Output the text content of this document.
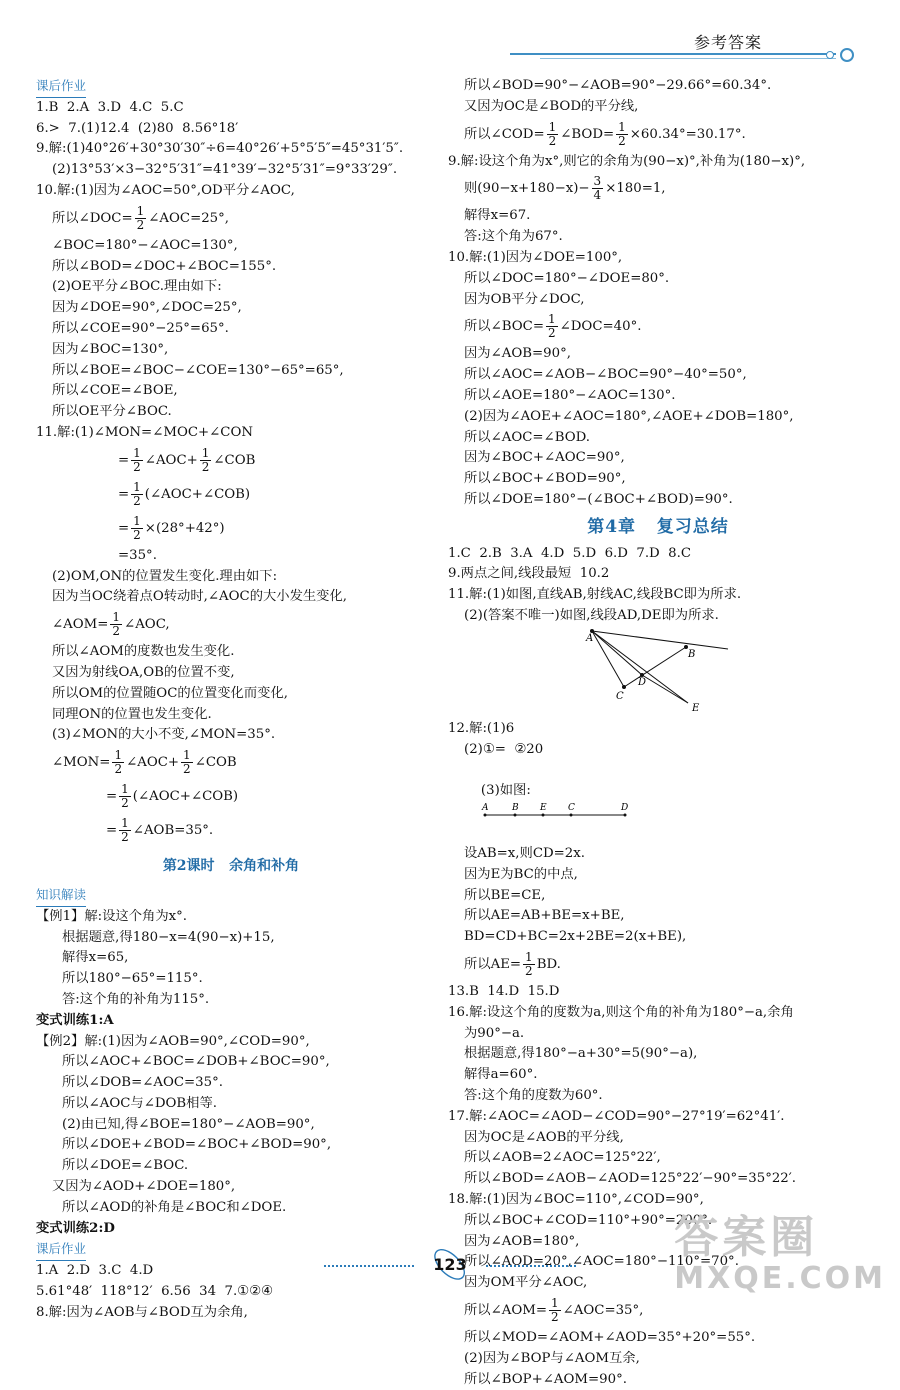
参考答案
课后作业
1.B  2.A  3.D  4.C  5.C
6.>  7.(1)12.4  (2)80  8.56°18′
9.解:(1)40°26′+30°30′30″÷6=40°26′+5°5′5″=45°31′5″.
(2)13°53′×3−32°5′31″=41°39′−32°5′31″=9°33′29″.
10.解:(1)因为∠AOC=50°,OD平分∠AOC,
所以∠DOC= $\frac{1}{2}$ ∠AOC=25°,
∠BOC=180°−∠AOC=130°,
所以∠BOD=∠DOC+∠BOC=155°.
(2)OE平分∠BOC.理由如下:
因为∠DOE=90°,∠DOC=25°,
所以∠COE=90°−25°=65°.
因为∠BOC=130°,
所以∠BOE=∠BOC−∠COE=130°−65°=65°,
所以∠COE=∠BOE,
所以OE平分∠BOC.
11.解:(1)∠MON=∠MOC+∠CON
= $\frac{1}{2}$ ∠AOC+ $\frac{1}{2}$ ∠COB
= $\frac{1}{2}$ (∠AOC+∠COB)
= $\frac{1}{2} \times(28^\circ+42^\circ)$
=35°.
(2)OM,ON的位置发生变化.理由如下:
因为当OC绕着点O转动时,∠AOC的大小发生变化,
∠AOM= $\frac{1}{2}$ ∠AOC,
所以∠AOM的度数也发生变化.
又因为射线OA,OB的位置不变,
所以OM的位置随OC的位置变化而变化,
同理ON的位置也发生变化.
(3)∠MON的大小不变,∠MON=35°.
∠MON= $\frac{1}{2}$ ∠AOC+ $\frac{1}{2}$ ∠COB
= $\frac{1}{2}$ (∠AOC+∠COB)
= $\frac{1}{2}$ ∠AOB=35°.
第2课时   余角和补角
知识解读
【例1】解:设这个角为x°.
根据题意,得180−x=4(90−x)+15,
解得x=65,
所以180°−65°=115°.
答:这个角的补角为115°.
变式训练1:A
【例2】解:(1)因为∠AOB=90°,∠COD=90°,
所以∠AOC+∠BOC=∠DOB+∠BOC=90°,
所以∠DOB=∠AOC=35°.
所以∠AOC与∠DOB相等.
(2)由已知,得∠BOE=180°−∠AOB=90°,
所以∠DOE+∠BOD=∠BOC+∠BOD=90°,
所以∠DOE=∠BOC.
又因为∠AOD+∠DOE=180°,
所以∠AOD的补角是∠BOC和∠DOE.
变式训练2:D
课后作业
1.A  2.D  3.C  4.D
5.61°48′  118°12′  6.56  34  7.①②④
8.解:因为∠AOB与∠BOD互为余角,
所以∠BOD=90°−∠AOB=90°−29.66°=60.34°.
又因为OC是∠BOD的平分线,
所以∠COD= $\frac{1}{2}$ ∠BOD= $\frac{1}{2} \times 60.34^\circ=30.17^\circ$.
9.解:设这个角为x°,则它的余角为(90−x)°,补角为(180−x)°,
则$(90-x+180-x)- \frac{3}{4} \times 180=1$,
解得x=67.
答:这个角为67°.
10.解:(1)因为∠DOE=100°,
所以∠DOC=180°−∠DOE=80°.
因为OB平分∠DOC,
所以∠BOC= $\frac{1}{2}$ ∠DOC=40°.
因为∠AOB=90°,
所以∠AOC=∠AOB−∠BOC=90°−40°=50°,
所以∠AOE=180°−∠AOC=130°.
(2)因为∠AOE+∠AOC=180°,∠AOE+∠DOB=180°,
所以∠AOC=∠BOD.
因为∠BOC+∠AOC=90°,
所以∠BOC+∠BOD=90°,
所以∠DOE=180°−(∠BOC+∠BOD)=90°.
第4章   复习总结
1.C  2.B  3.A  4.D  5.D  6.D  7.D  8.C
9.两点之间,线段最短  10.2
11.解:(1)如图,直线AB,射线AC,线段BC即为所求.
(2)(答案不唯一)如图,线段AD,DE即为所求.
A
B
C
D
E
12.解:(1)6
(2)①=  ②20

(3)如图:

A	B E C	D

设AB=x,则CD=2x.
因为E为BC的中点,
所以BE=CE,
所以AE=AB+BE=x+BE,
BD=CD+BC=2x+2BE=2(x+BE),
所以$AE= \frac{1}{2}$ BD.
13.B  14.D  15.D
16.解:设这个角的度数为a,则这个角的补角为180°−a,余角
为90°−a.
根据题意,得180°−a+30°=5(90°−a),
解得a=60°.
答:这个角的度数为60°.
17.解:∠AOC=∠AOD−∠COD=90°−27°19′=62°41′.
因为OC是∠AOB的平分线,
所以∠AOB=2∠AOC=125°22′,
所以∠BOD=∠AOB−∠AOD=125°22′−90°=35°22′.
18.解:(1)因为∠BOC=110°,∠COD=90°,
所以∠BOC+∠COD=110°+90°=200°.
因为∠AOB=180°,
所以∠AOD=20°,∠AOC=180°−110°=70°.
因为OM平分∠AOC,
所以∠AOM= $\frac{1}{2}$ ∠AOC=35°,
所以∠MOD=∠AOM+∠AOD=35°+20°=55°.
(2)因为∠BOP与∠AOM互余,
所以∠BOP+∠AOM=90°.
123
答案圈
MXQE.COM
